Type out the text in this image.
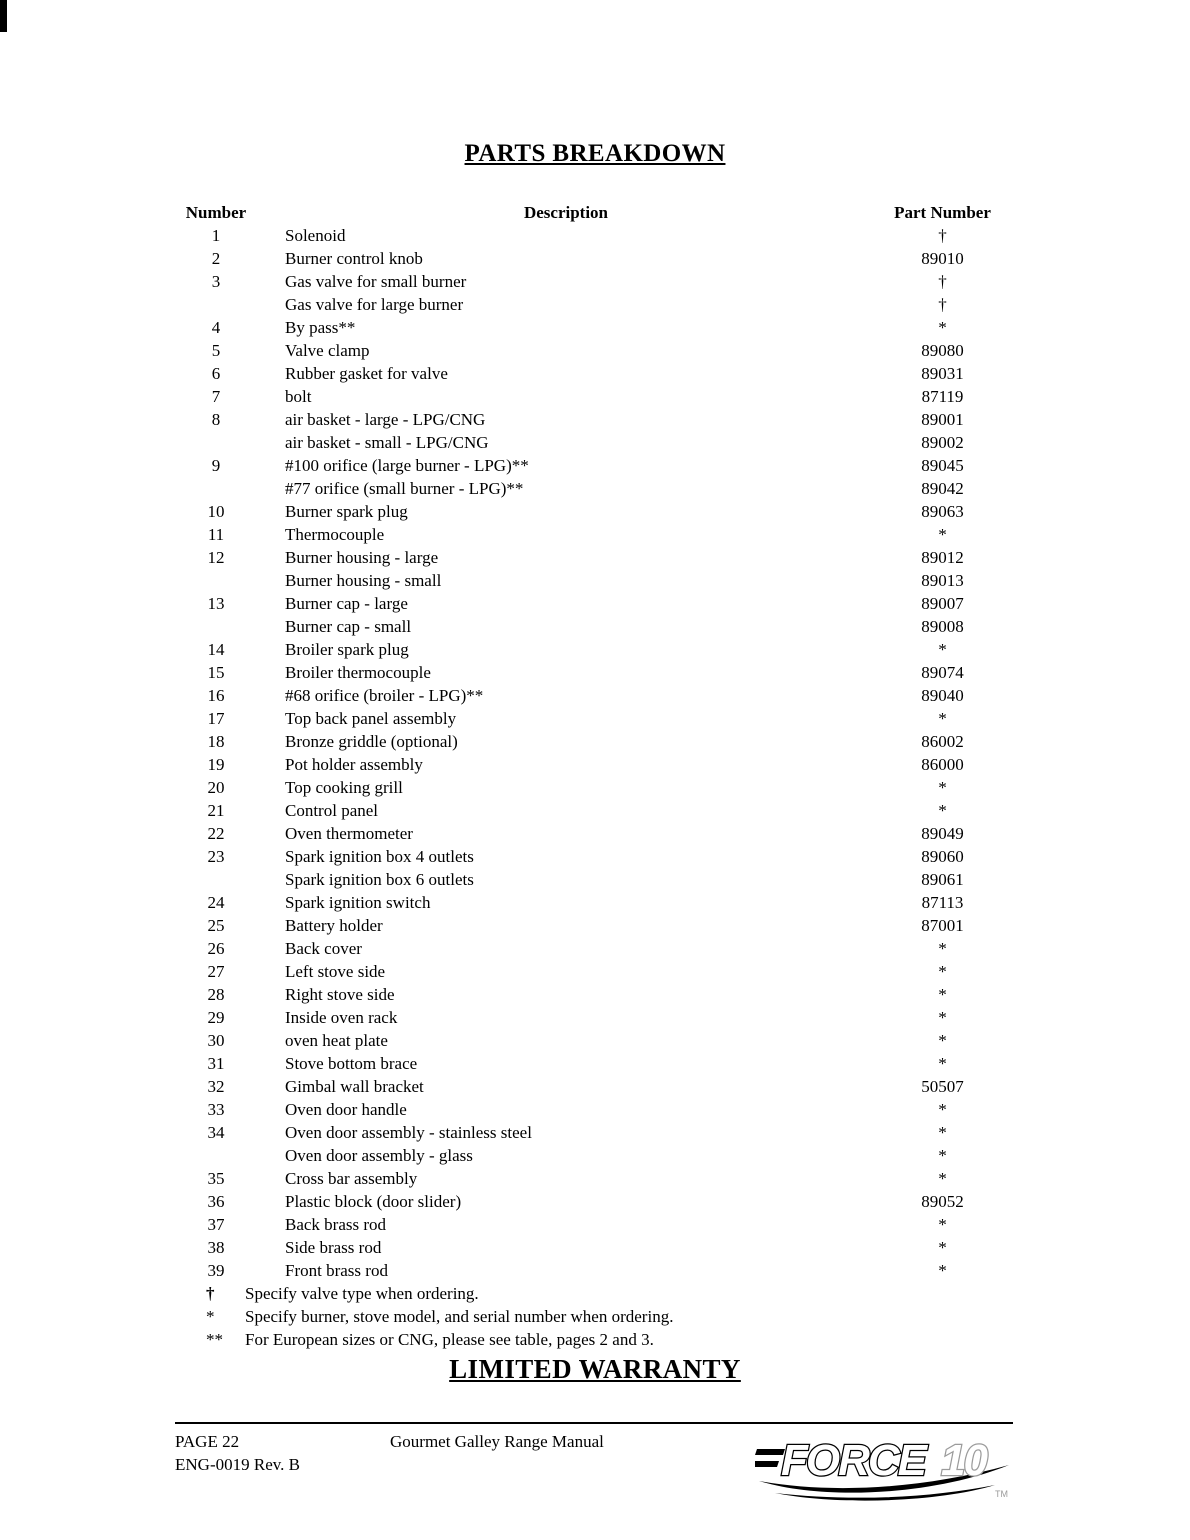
PARTS BREAKDOWN
Number	Description	Part Number
1	Solenoid	†
2	Burner control knob	89010
3	Gas valve for small burner	†
Gas valve for large burner	†
4	By pass**	*
5	Valve clamp	89080
6	Rubber gasket for valve	89031
7	bolt	87119
8	air basket - large - LPG/CNG	89001
air basket - small - LPG/CNG	89002
9	#100 orifice (large burner - LPG)**	89045
#77 orifice (small burner - LPG)**	89042
10	Burner spark plug	89063
11	Thermocouple	*
12	Burner housing - large	89012
Burner housing - small	89013
13	Burner cap - large	89007
Burner cap - small	89008
14	Broiler spark plug	*
15	Broiler thermocouple	89074
16	#68 orifice (broiler - LPG)**	89040
17	Top back panel assembly	*
18	Bronze griddle (optional)	86002
19	Pot holder assembly	86000
20	Top cooking grill	*
21	Control panel	*
22	Oven thermometer	89049
23	Spark ignition box 4 outlets	89060
Spark ignition box 6 outlets	89061
24	Spark ignition switch	87113
25	Battery holder	87001
26	Back cover	*
27	Left stove side	*
28	Right stove side	*
29	Inside oven rack	*
30	oven heat plate	*
31	Stove bottom brace	*
32	Gimbal wall bracket	50507
33	Oven door handle	*
34	Oven door assembly - stainless steel	*
Oven door assembly - glass	*
35	Cross bar assembly	*
36	Plastic block (door slider)	89052
37	Back brass rod	*
38	Side brass rod	*
39	Front brass rod	*
†	Specify valve type when ordering.
*	Specify burner, stove model, and serial number when ordering.
**	For European sizes or CNG, please see table, pages 2 and 3.
LIMITED WARRANTY
PAGE 22	Gourmet Galley Range Manual
ENG-0019 Rev. B	FORCE 10
TM
